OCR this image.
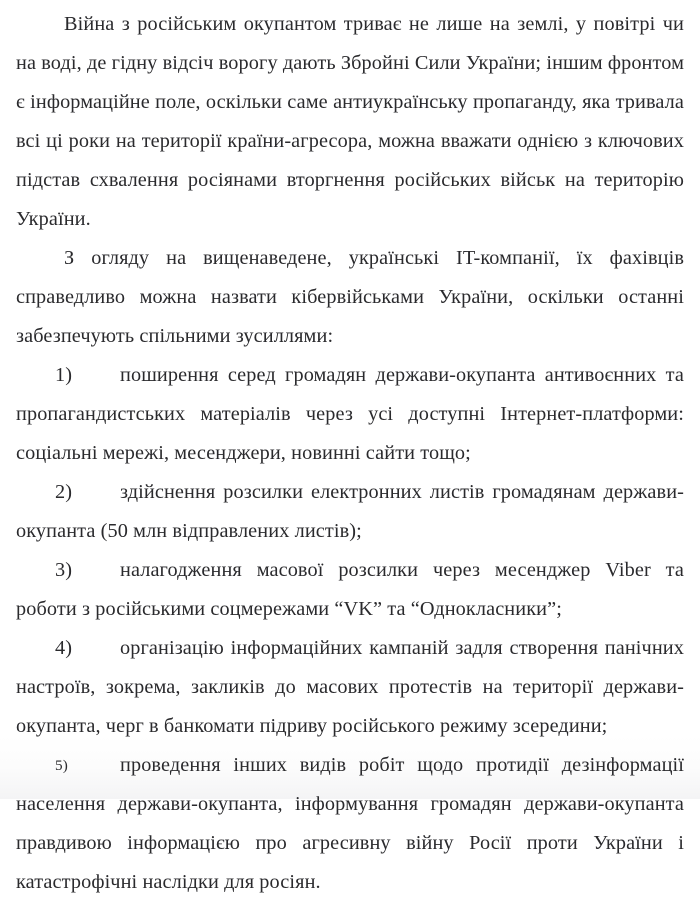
Війна з російським окупантом триває не лише на землі, у повітрі чи на воді, де гідну відсіч ворогу дають Збройні Сили України; іншим фронтом є інформаційне поле, оскільки саме антиукраїнську пропаганду, яка тривала всі ці роки на території країни-агресора, можна вважати однією з ключових підстав схвалення росіянами вторгнення російських військ на територію України.

З огляду на вищенаведене, українські IT-компанії, їх фахівців справедливо можна назвати кібервійськами України, оскільки останні забезпечують спільними зусиллями:

1) поширення серед громадян держави-окупанта антивоєнних та пропагандистських матеріалів через усі доступні Інтернет-платформи: соціальні мережі, месенджери, новинні сайти тощо;

2) здійснення розсилки електронних листів громадянам держави-окупанта (50 млн відправлених листів);

3) налагодження масової розсилки через месенджер Viber та роботи з російськими соцмережами “VK” та “Однокласники”;

4) організацію інформаційних кампаній задля створення панічних настроїв, зокрема, закликів до масових протестів на території держави-окупанта, черг в банкомати підриву російського режиму зсередини;

5)	проведення інших видів робіт щодо протидії дезінформації населення держави-окупанта, інформування громадян держави-окупанта правдивою інформацією про агресивну війну Росії проти України і катастрофічні наслідки для росіян.
